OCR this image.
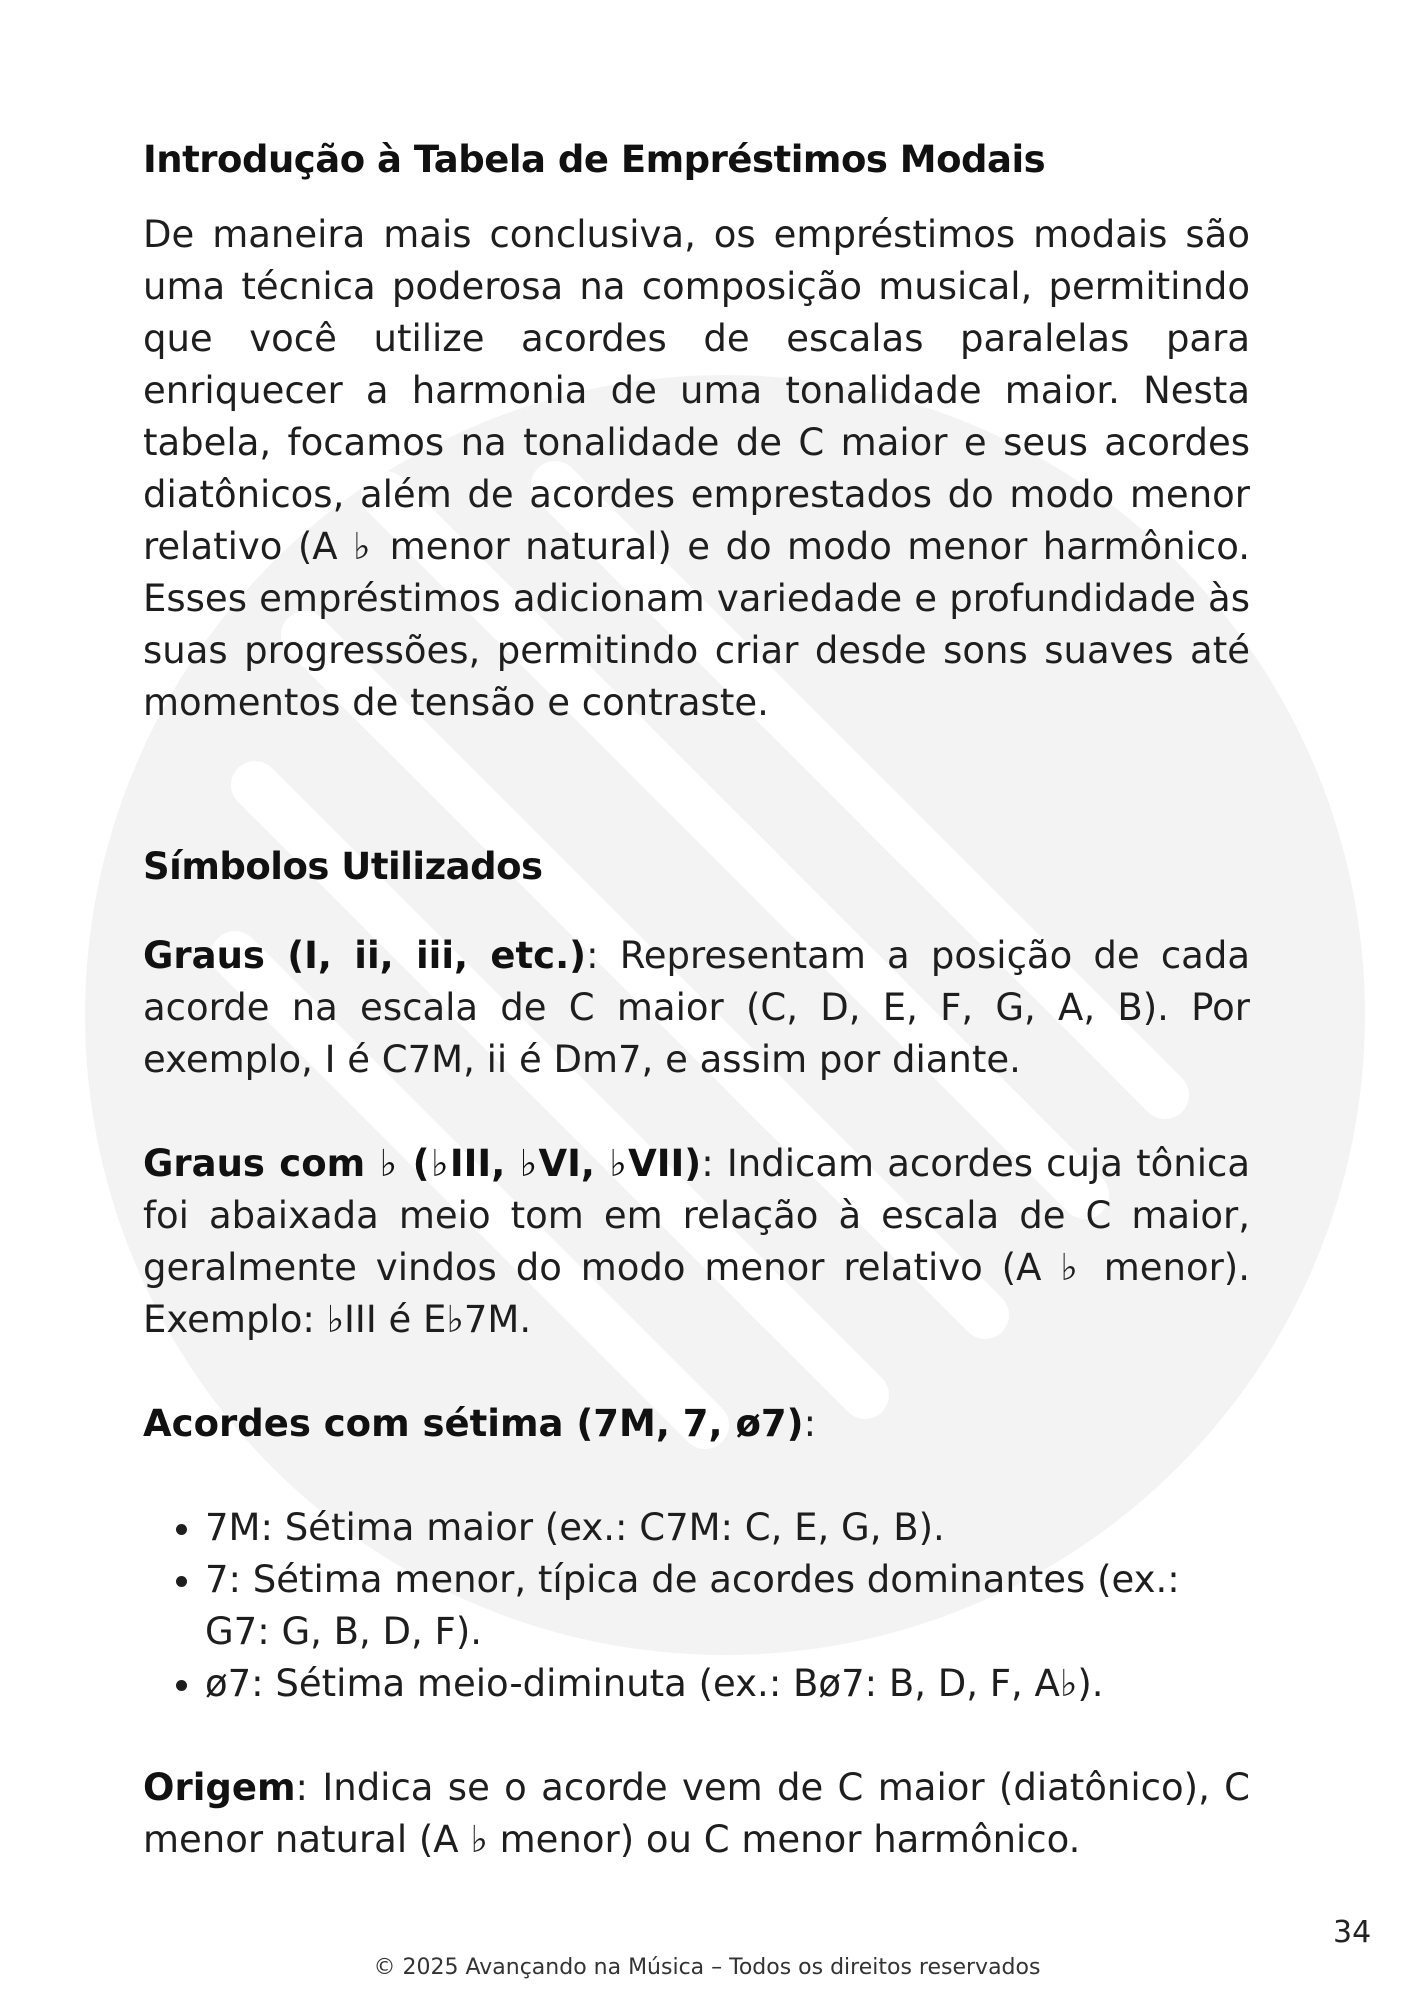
Introdução à Tabela de Empréstimos Modais

De maneira mais conclusiva, os empréstimos modais são uma técnica poderosa na composição musical, permitindo que você utilize acordes de escalas paralelas para enriquecer a harmonia de uma tonalidade maior. Nesta tabela, focamos na tonalidade de C maior e seus acordes diatônicos, além de acordes emprestados do modo menor relativo (A ♭ menor natural) e do modo menor harmônico. Esses empréstimos adicionam variedade e profundidade às suas progressões, permitindo criar desde sons suaves até momentos de tensão e contraste.

Símbolos Utilizados

Graus (I, ii, iii, etc.): Representam a posição de cada acorde na escala de C maior (C, D, E, F, G, A, B). Por exemplo, I é C7M, ii é Dm7, e assim por diante.

Graus com ♭ (♭III, ♭VI, ♭VII): Indicam acordes cuja tônica foi abaixada meio tom em relação à escala de C maior, geralmente vindos do modo menor relativo (A ♭ menor). Exemplo: ♭III é E♭7M.

Acordes com sétima (7M, 7, ø7):

• 7M: Sétima maior (ex.: C7M: C, E, G, B).
• 7: Sétima menor, típica de acordes dominantes (ex.: G7: G, B, D, F).
• ø7: Sétima meio-diminuta (ex.: Bø7: B, D, F, A♭).

Origem: Indica se o acorde vem de C maior (diatônico), C menor natural (A ♭ menor) ou C menor harmônico.

34
© 2025 Avançando na Música – Todos os direitos reservados
